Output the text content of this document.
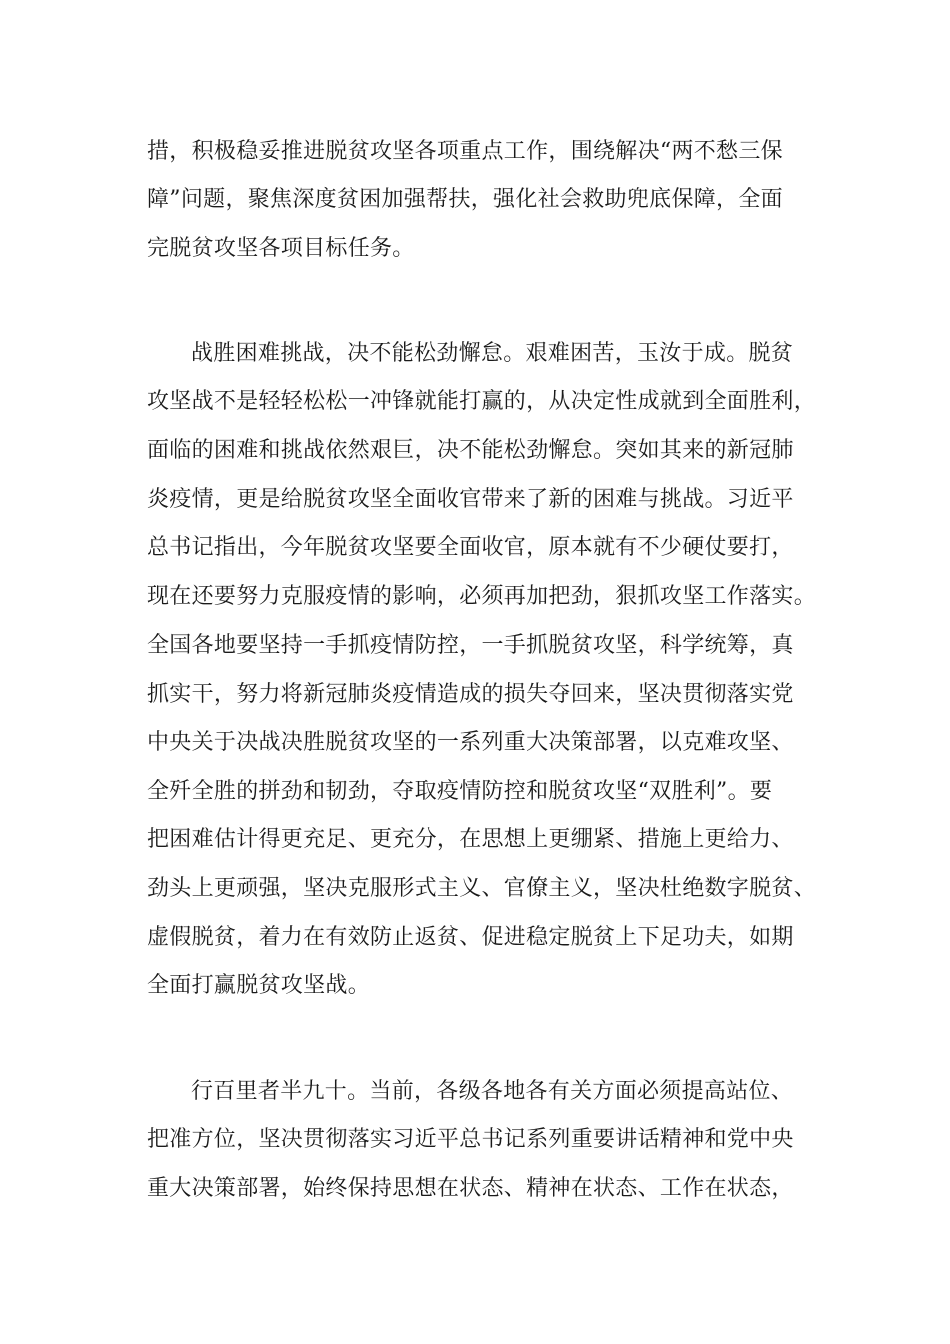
措，积极稳妥推进脱贫攻坚各项重点工作，围绕解决“两不愁三保

障”问题，聚焦深度贫困加强帮扶，强化社会救助兜底保障，全面

完脱贫攻坚各项目标任务。

战胜困难挑战，决不能松劲懈怠。艰难困苦，玉汝于成。脱贫

攻坚战不是轻轻松松一冲锋就能打赢的，从决定性成就到全面胜利，

面临的困难和挑战依然艰巨，决不能松劲懈怠。突如其来的新冠肺

炎疫情，更是给脱贫攻坚全面收官带来了新的困难与挑战。习近平

总书记指出，今年脱贫攻坚要全面收官，原本就有不少硬仗要打，

现在还要努力克服疫情的影响，必须再加把劲，狠抓攻坚工作落实。

全国各地要坚持一手抓疫情防控，一手抓脱贫攻坚，科学统筹，真

抓实干，努力将新冠肺炎疫情造成的损失夺回来，坚决贯彻落实党

中央关于决战决胜脱贫攻坚的一系列重大决策部署，以克难攻坚、

全歼全胜的拼劲和韧劲，夺取疫情防控和脱贫攻坚“双胜利”。要

把困难估计得更充足、更充分，在思想上更绷紧、措施上更给力、

劲头上更顽强，坚决克服形式主义、官僚主义，坚决杜绝数字脱贫、

虚假脱贫，着力在有效防止返贫、促进稳定脱贫上下足功夫，如期

全面打赢脱贫攻坚战。

行百里者半九十。当前，各级各地各有关方面必须提高站位、

把准方位，坚决贯彻落实习近平总书记系列重要讲话精神和党中央

重大决策部署，始终保持思想在状态、精神在状态、工作在状态，
